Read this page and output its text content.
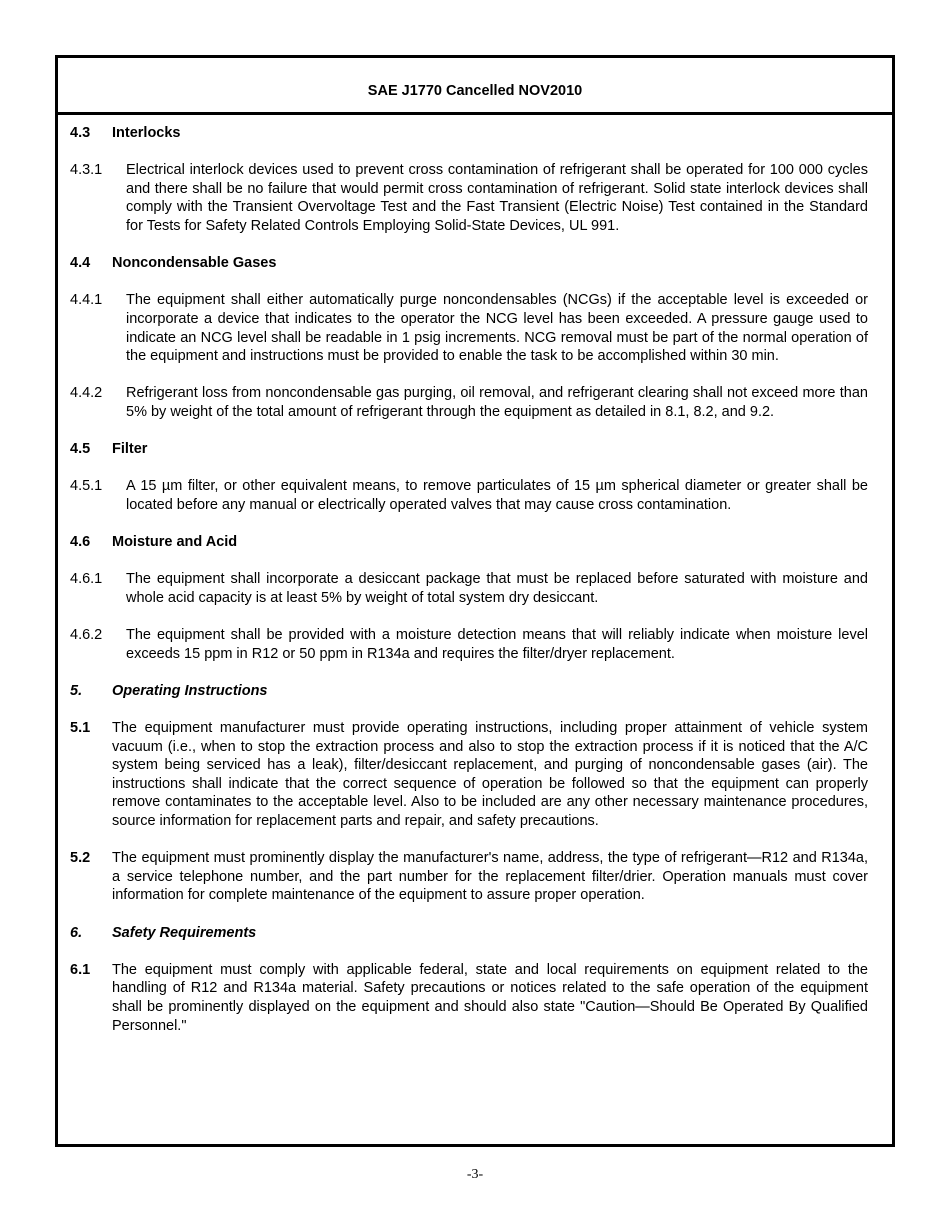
SAE J1770 Cancelled NOV2010
4.3	Interlocks
4.3.1	Electrical interlock devices used to prevent cross contamination of refrigerant shall be operated for 100 000 cycles and there shall be no failure that would permit cross contamination of refrigerant. Solid state interlock devices shall comply with the Transient Overvoltage Test and the Fast Transient (Electric Noise) Test contained in the Standard for Tests for Safety Related Controls Employing Solid-State Devices, UL 991.
4.4	Noncondensable Gases
4.4.1	The equipment shall either automatically purge noncondensables (NCGs) if the acceptable level is exceeded or incorporate a device that indicates to the operator the NCG level has been exceeded. A pressure gauge used to indicate an NCG level shall be readable in 1 psig increments. NCG removal must be part of the normal operation of the equipment and instructions must be provided to enable the task to be accomplished within 30 min.
4.4.2	Refrigerant loss from noncondensable gas purging, oil removal, and refrigerant clearing shall not exceed more than 5% by weight of the total amount of refrigerant through the equipment as detailed in 8.1, 8.2, and 9.2.
4.5	Filter
4.5.1	A 15 µm filter, or other equivalent means, to remove particulates of 15 µm spherical diameter or greater shall be located before any manual or electrically operated valves that may cause cross contamination.
4.6	Moisture and Acid
4.6.1	The equipment shall incorporate a desiccant package that must be replaced before saturated with moisture and whole acid capacity is at least 5% by weight of total system dry desiccant.
4.6.2	The equipment shall be provided with a moisture detection means that will reliably indicate when moisture level exceeds 15 ppm in R12 or 50 ppm in R134a and requires the filter/dryer replacement.
5.	Operating Instructions
5.1	The equipment manufacturer must provide operating instructions, including proper attainment of vehicle system vacuum (i.e., when to stop the extraction process and also to stop the extraction process if it is noticed that the A/C system being serviced has a leak), filter/desiccant replacement, and purging of noncondensable gases (air). The instructions shall indicate that the correct sequence of operation be followed so that the equipment can properly remove contaminates to the acceptable level. Also to be included are any other necessary maintenance procedures, source information for replacement parts and repair, and safety precautions.
5.2	The equipment must prominently display the manufacturer's name, address, the type of refrigerant—R12 and R134a, a service telephone number, and the part number for the replacement filter/drier. Operation manuals must cover information for complete maintenance of the equipment to assure proper operation.
6.	Safety Requirements
6.1	The equipment must comply with applicable federal, state and local requirements on equipment related to the handling of R12 and R134a material. Safety precautions or notices related to the safe operation of the equipment shall be prominently displayed on the equipment and should also state "Caution—Should Be Operated By Qualified Personnel."
-3-
